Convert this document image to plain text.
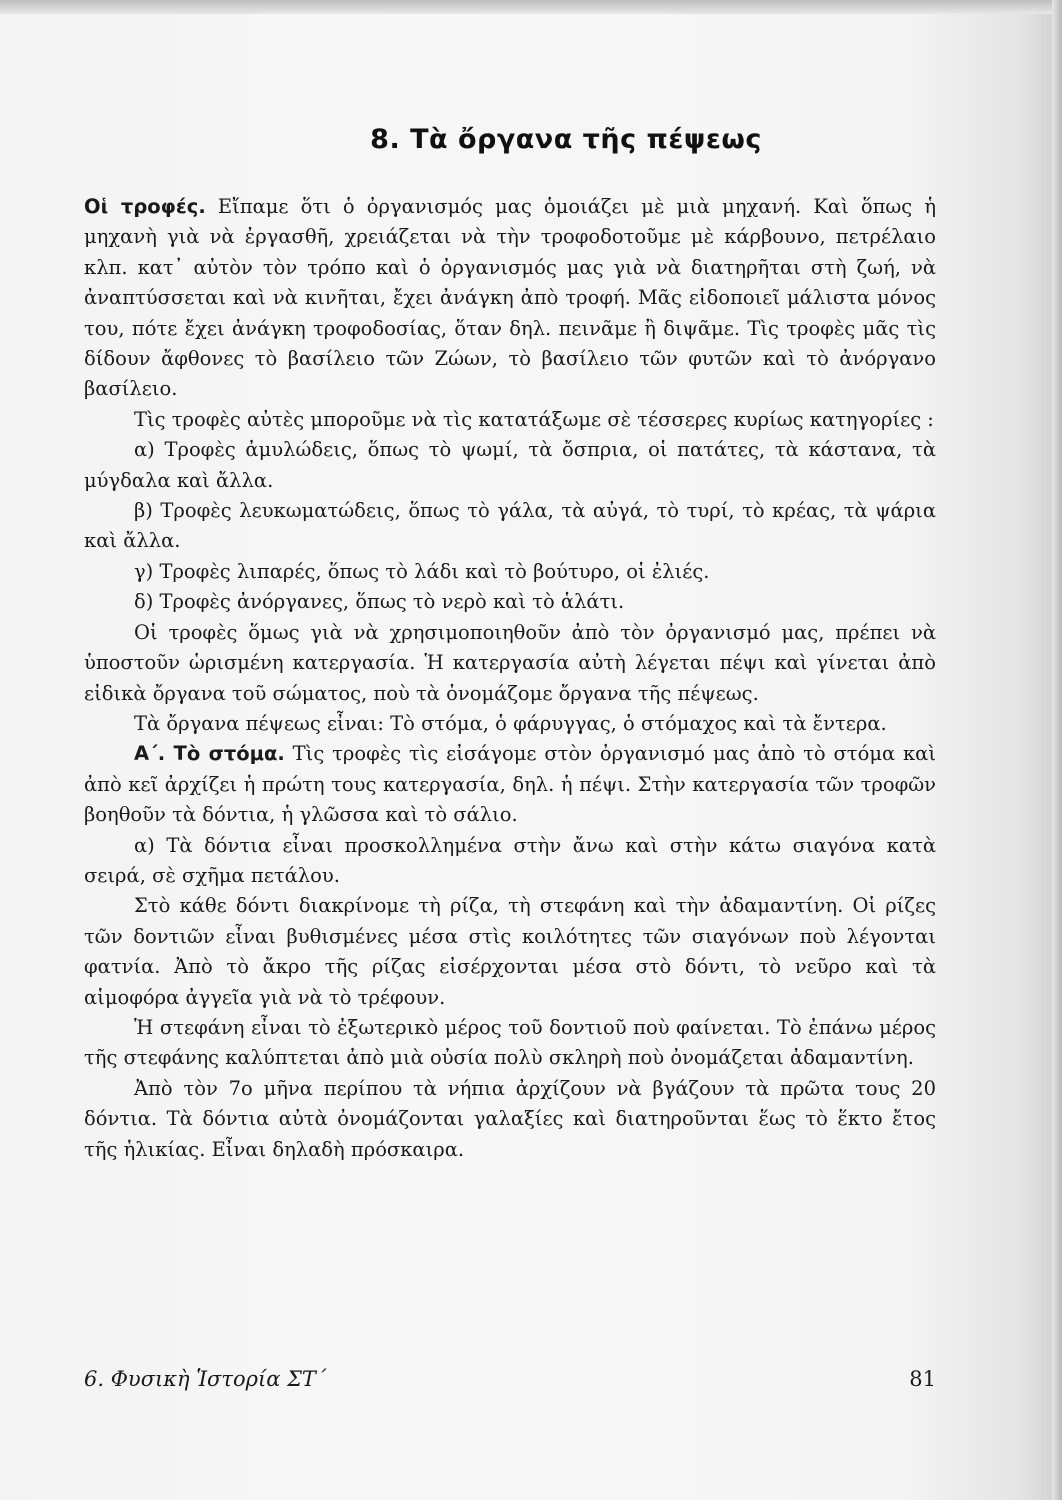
8. Τὰ ὄργανα τῆς πέψεως

Οἱ τροφές. Εἴπαμε ὅτι ὁ ὀργανισμός μας ὁμοιάζει μὲ μιὰ μηχανή. Καὶ ὅπως ἡ μηχανὴ γιὰ νὰ ἐργασθῆ, χρειάζεται νὰ τὴν τροφοδοτοῦμε μὲ κάρβουνο, πετρέλαιο κλπ. κατ᾽ αὐτὸν τὸν τρόπο καὶ ὁ ὀργανισμός μας γιὰ νὰ διατηρῆται στὴ ζωή, νὰ ἀναπτύσσεται καὶ νὰ κινῆται, ἔχει ἀνάγκη ἀπὸ τροφή. Μᾶς εἰδοποιεῖ μάλιστα μόνος του, πότε ἔχει ἀνάγκη τροφοδοσίας, ὅταν δηλ. πεινᾶμε ἢ διψᾶμε. Τὶς τροφὲς μᾶς τὶς δίδουν ἄφθονες τὸ βασίλειο τῶν Ζώων, τὸ βασίλειο τῶν φυτῶν καὶ τὸ ἀνόργανο βασίλειο.

Τὶς τροφὲς αὐτὲς μποροῦμε νὰ τὶς κατατάξωμε σὲ τέσσερες κυρίως κατηγορίες :

α) Τροφὲς ἀμυλώδεις, ὅπως τὸ ψωμί, τὰ ὄσπρια, οἱ πατάτες, τὰ κάστανα, τὰ μύγδαλα καὶ ἄλλα.

β) Τροφὲς λευκωματώδεις, ὅπως τὸ γάλα, τὰ αὐγά, τὸ τυρί, τὸ κρέας, τὰ ψάρια καὶ ἄλλα.

γ) Τροφὲς λιπαρές, ὅπως τὸ λάδι καὶ τὸ βούτυρο, οἱ ἐλιές.

δ) Τροφὲς ἀνόργανες, ὅπως τὸ νερὸ καὶ τὸ ἁλάτι.

Οἱ τροφὲς ὅμως γιὰ νὰ χρησιμοποιηθοῦν ἀπὸ τὸν ὀργανισμό μας, πρέπει νὰ ὑποστοῦν ὡρισμένη κατεργασία. Ἡ κατεργασία αὐτὴ λέγεται πέψι καὶ γίνεται ἀπὸ εἰδικὰ ὄργανα τοῦ σώματος, ποὺ τὰ ὀνομάζομε ὄργανα τῆς πέψεως.

Τὰ ὄργανα πέψεως εἶναι: Τὸ στόμα, ὁ φάρυγγας, ὁ στόμαχος καὶ τὰ ἔντερα.

Α΄. Τὸ στόμα. Τὶς τροφὲς τὶς εἰσάγομε στὸν ὀργανισμό μας ἀπὸ τὸ στόμα καὶ ἀπὸ κεῖ ἀρχίζει ἡ πρώτη τους κατεργασία, δηλ. ἡ πέψι. Στὴν κατεργασία τῶν τροφῶν βοηθοῦν τὰ δόντια, ἡ γλῶσσα καὶ τὸ σάλιο.

α) Τὰ δόντια εἶναι προσκολλημένα στὴν ἄνω καὶ στὴν κάτω σιαγόνα κατὰ σειρά, σὲ σχῆμα πετάλου.

Στὸ κάθε δόντι διακρίνομε τὴ ρίζα, τὴ στεφάνη καὶ τὴν ἀδαμαντίνη. Οἱ ρίζες τῶν δοντιῶν εἶναι βυθισμένες μέσα στὶς κοιλότητες τῶν σιαγόνων ποὺ λέγονται φατνία. Ἀπὸ τὸ ἄκρο τῆς ρίζας εἰσέρχονται μέσα στὸ δόντι, τὸ νεῦρο καὶ τὰ αἱμοφόρα ἀγγεῖα γιὰ νὰ τὸ τρέφουν.

Ἡ στεφάνη εἶναι τὸ ἐξωτερικὸ μέρος τοῦ δοντιοῦ ποὺ φαίνεται. Τὸ ἐπάνω μέρος τῆς στεφάνης καλύπτεται ἀπὸ μιὰ οὐσία πολὺ σκληρὴ ποὺ ὀνομάζεται ἀδαμαντίνη.

Ἀπὸ τὸν 7ο μῆνα περίπου τὰ νήπια ἀρχίζουν νὰ βγάζουν τὰ πρῶτα τους 20 δόντια. Τὰ δόντια αὐτὰ ὀνομάζονται γαλαξίες καὶ διατηροῦνται ἕως τὸ ἕκτο ἔτος τῆς ἡλικίας. Εἶναι δηλαδὴ πρόσκαιρα.

6. Φυσικὴ Ἱστορία ΣΤ΄	81
